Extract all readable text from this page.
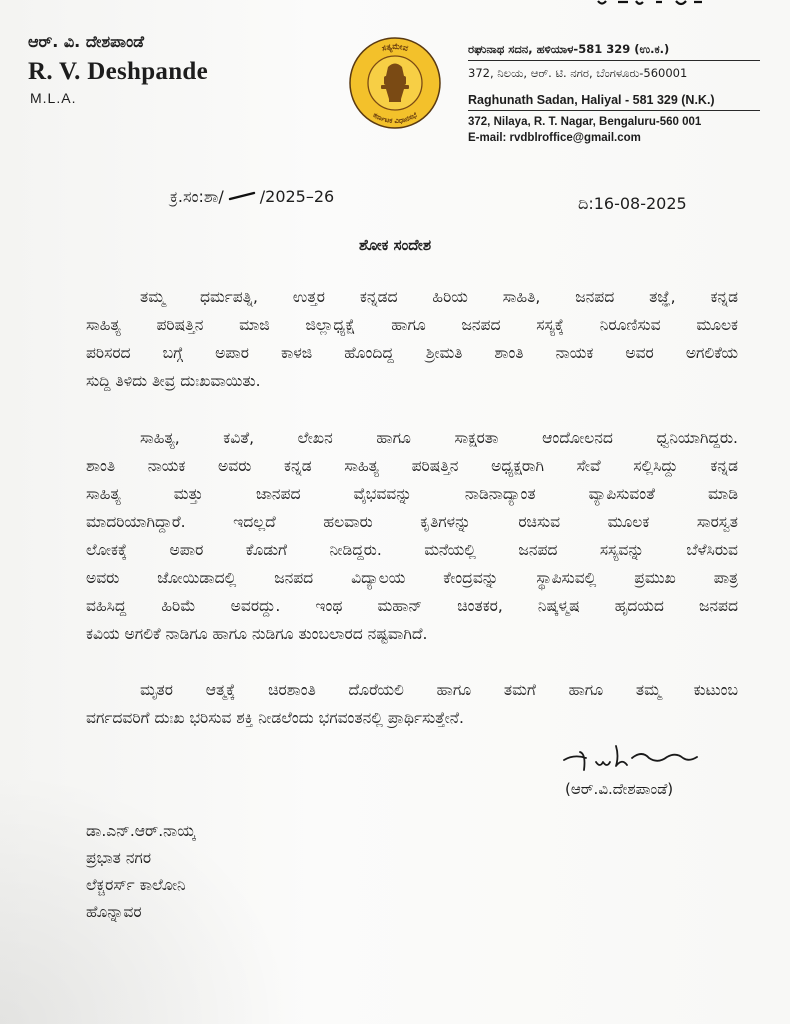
ಆರ್. ವಿ. ದೇಶಪಾಂಡೆ
R. V. Deshpande
M.L.A.
ಸತ್ಯಮೇವ
ಕರ್ನಾಟಕ ವಿಧಾನಸಭೆ
ರಘುನಾಥ ಸದನ, ಹಳಿಯಾಳ-581 329 (ಉ.ಕ.)
372, ನಿಲಯ, ಆರ್. ಟಿ. ನಗರ, ಬೆಂಗಳೂರು-560001
Raghunath Sadan, Haliyal - 581 329 (N.K.)
372, Nilaya, R. T. Nagar, Bengaluru-560 001
E-mail: rvdblroffice@gmail.com
ಕ್ರ.ಸಂ:ಶಾ/ /2025–26	ದಿ:16-08-2025
ಶೋಕ ಸಂದೇಶ
ತಮ್ಮ ಧರ್ಮಪತ್ನಿ, ಉತ್ತರ ಕನ್ನಡದ ಹಿರಿಯ ಸಾಹಿತಿ, ಜನಪದ ತಜ್ಞೆ, ಕನ್ನಡ
ಸಾಹಿತ್ಯ ಪರಿಷತ್ತಿನ ಮಾಜಿ ಜಿಲ್ಲಾಧ್ಯಕ್ಷೆ ಹಾಗೂ ಜನಪದ ಸಸ್ಯಕ್ಕೆ ನಿರೂಣಿಸುವ ಮೂಲಕ
ಪರಿಸರದ ಬಗ್ಗೆ ಅಪಾರ ಕಾಳಜಿ ಹೊಂದಿದ್ದ ಶ್ರೀಮತಿ ಶಾಂತಿ ನಾಯಕ ಅವರ ಅಗಲಿಕೆಯ
ಸುದ್ದಿ ತಿಳಿದು ತೀವ್ರ ದುಃಖವಾಯಿತು.
ಸಾಹಿತ್ಯ, ಕವಿತೆ, ಲೇಖನ ಹಾಗೂ ಸಾಕ್ಷರತಾ ಆಂದೋಲನದ ಧ್ವನಿಯಾಗಿದ್ದರು.
ಶಾಂತಿ ನಾಯಕ ಅವರು ಕನ್ನಡ ಸಾಹಿತ್ಯ ಪರಿಷತ್ತಿನ ಅಧ್ಯಕ್ಷರಾಗಿ ಸೇವೆ ಸಲ್ಲಿಸಿದ್ದು ಕನ್ನಡ
ಸಾಹಿತ್ಯ ಮತ್ತು ಜಾನಪದ ವೈಭವವನ್ನು ನಾಡಿನಾದ್ಯಾಂತ ವ್ಯಾಪಿಸುವಂತೆ ಮಾಡಿ
ಮಾದರಿಯಾಗಿದ್ದಾರೆ. ಇದಲ್ಲದೆ ಹಲವಾರು ಕೃತಿಗಳನ್ನು ರಚಿಸುವ ಮೂಲಕ ಸಾರಸ್ವತ
ಲೋಕಕ್ಕೆ ಅಪಾರ ಕೊಡುಗೆ ನೀಡಿದ್ದರು. ಮನೆಯಲ್ಲಿ ಜನಪದ ಸಸ್ಯವನ್ನು ಬೆಳೆಸಿರುವ
ಅವರು ಜೋಯಿಡಾದಲ್ಲಿ ಜನಪದ ವಿದ್ಯಾಲಯ ಕೇಂದ್ರವನ್ನು ಸ್ಥಾಪಿಸುವಲ್ಲಿ ಪ್ರಮುಖ ಪಾತ್ರ
ವಹಿಸಿದ್ದ ಹಿರಿಮೆ ಅವರದ್ದು. ಇಂಥ ಮಹಾನ್ ಚಿಂತಕರ, ನಿಷ್ಕಳ್ಮಷ ಹೃದಯದ ಜನಪದ
ಕವಿಯ ಅಗಲಿಕೆ ನಾಡಿಗೂ ಹಾಗೂ ನುಡಿಗೂ ತುಂಬಲಾರದ ನಷ್ಟವಾಗಿದೆ.
ಮೃತರ ಆತ್ಮಕ್ಕೆ ಚಿರಶಾಂತಿ ದೊರೆಯಲಿ ಹಾಗೂ ತಮಗೆ ಹಾಗೂ ತಮ್ಮ ಕುಟುಂಬ
ವರ್ಗದವರಿಗೆ ದುಃಖ ಭರಿಸುವ ಶಕ್ತಿ ನೀಡಲೆಂದು ಭಗವಂತನಲ್ಲಿ ಪ್ರಾರ್ಥಿಸುತ್ತೇನೆ.
(ಆರ್.ವಿ.ದೇಶಪಾಂಡೆ)
ಡಾ.ಎನ್.ಆರ್.ನಾಯ್ಕ
ಪ್ರಭಾತ ನಗರ
ಲೆಕ್ಚರರ್ಸ್ ಕಾಲೋನಿ
ಹೊನ್ನಾವರ
